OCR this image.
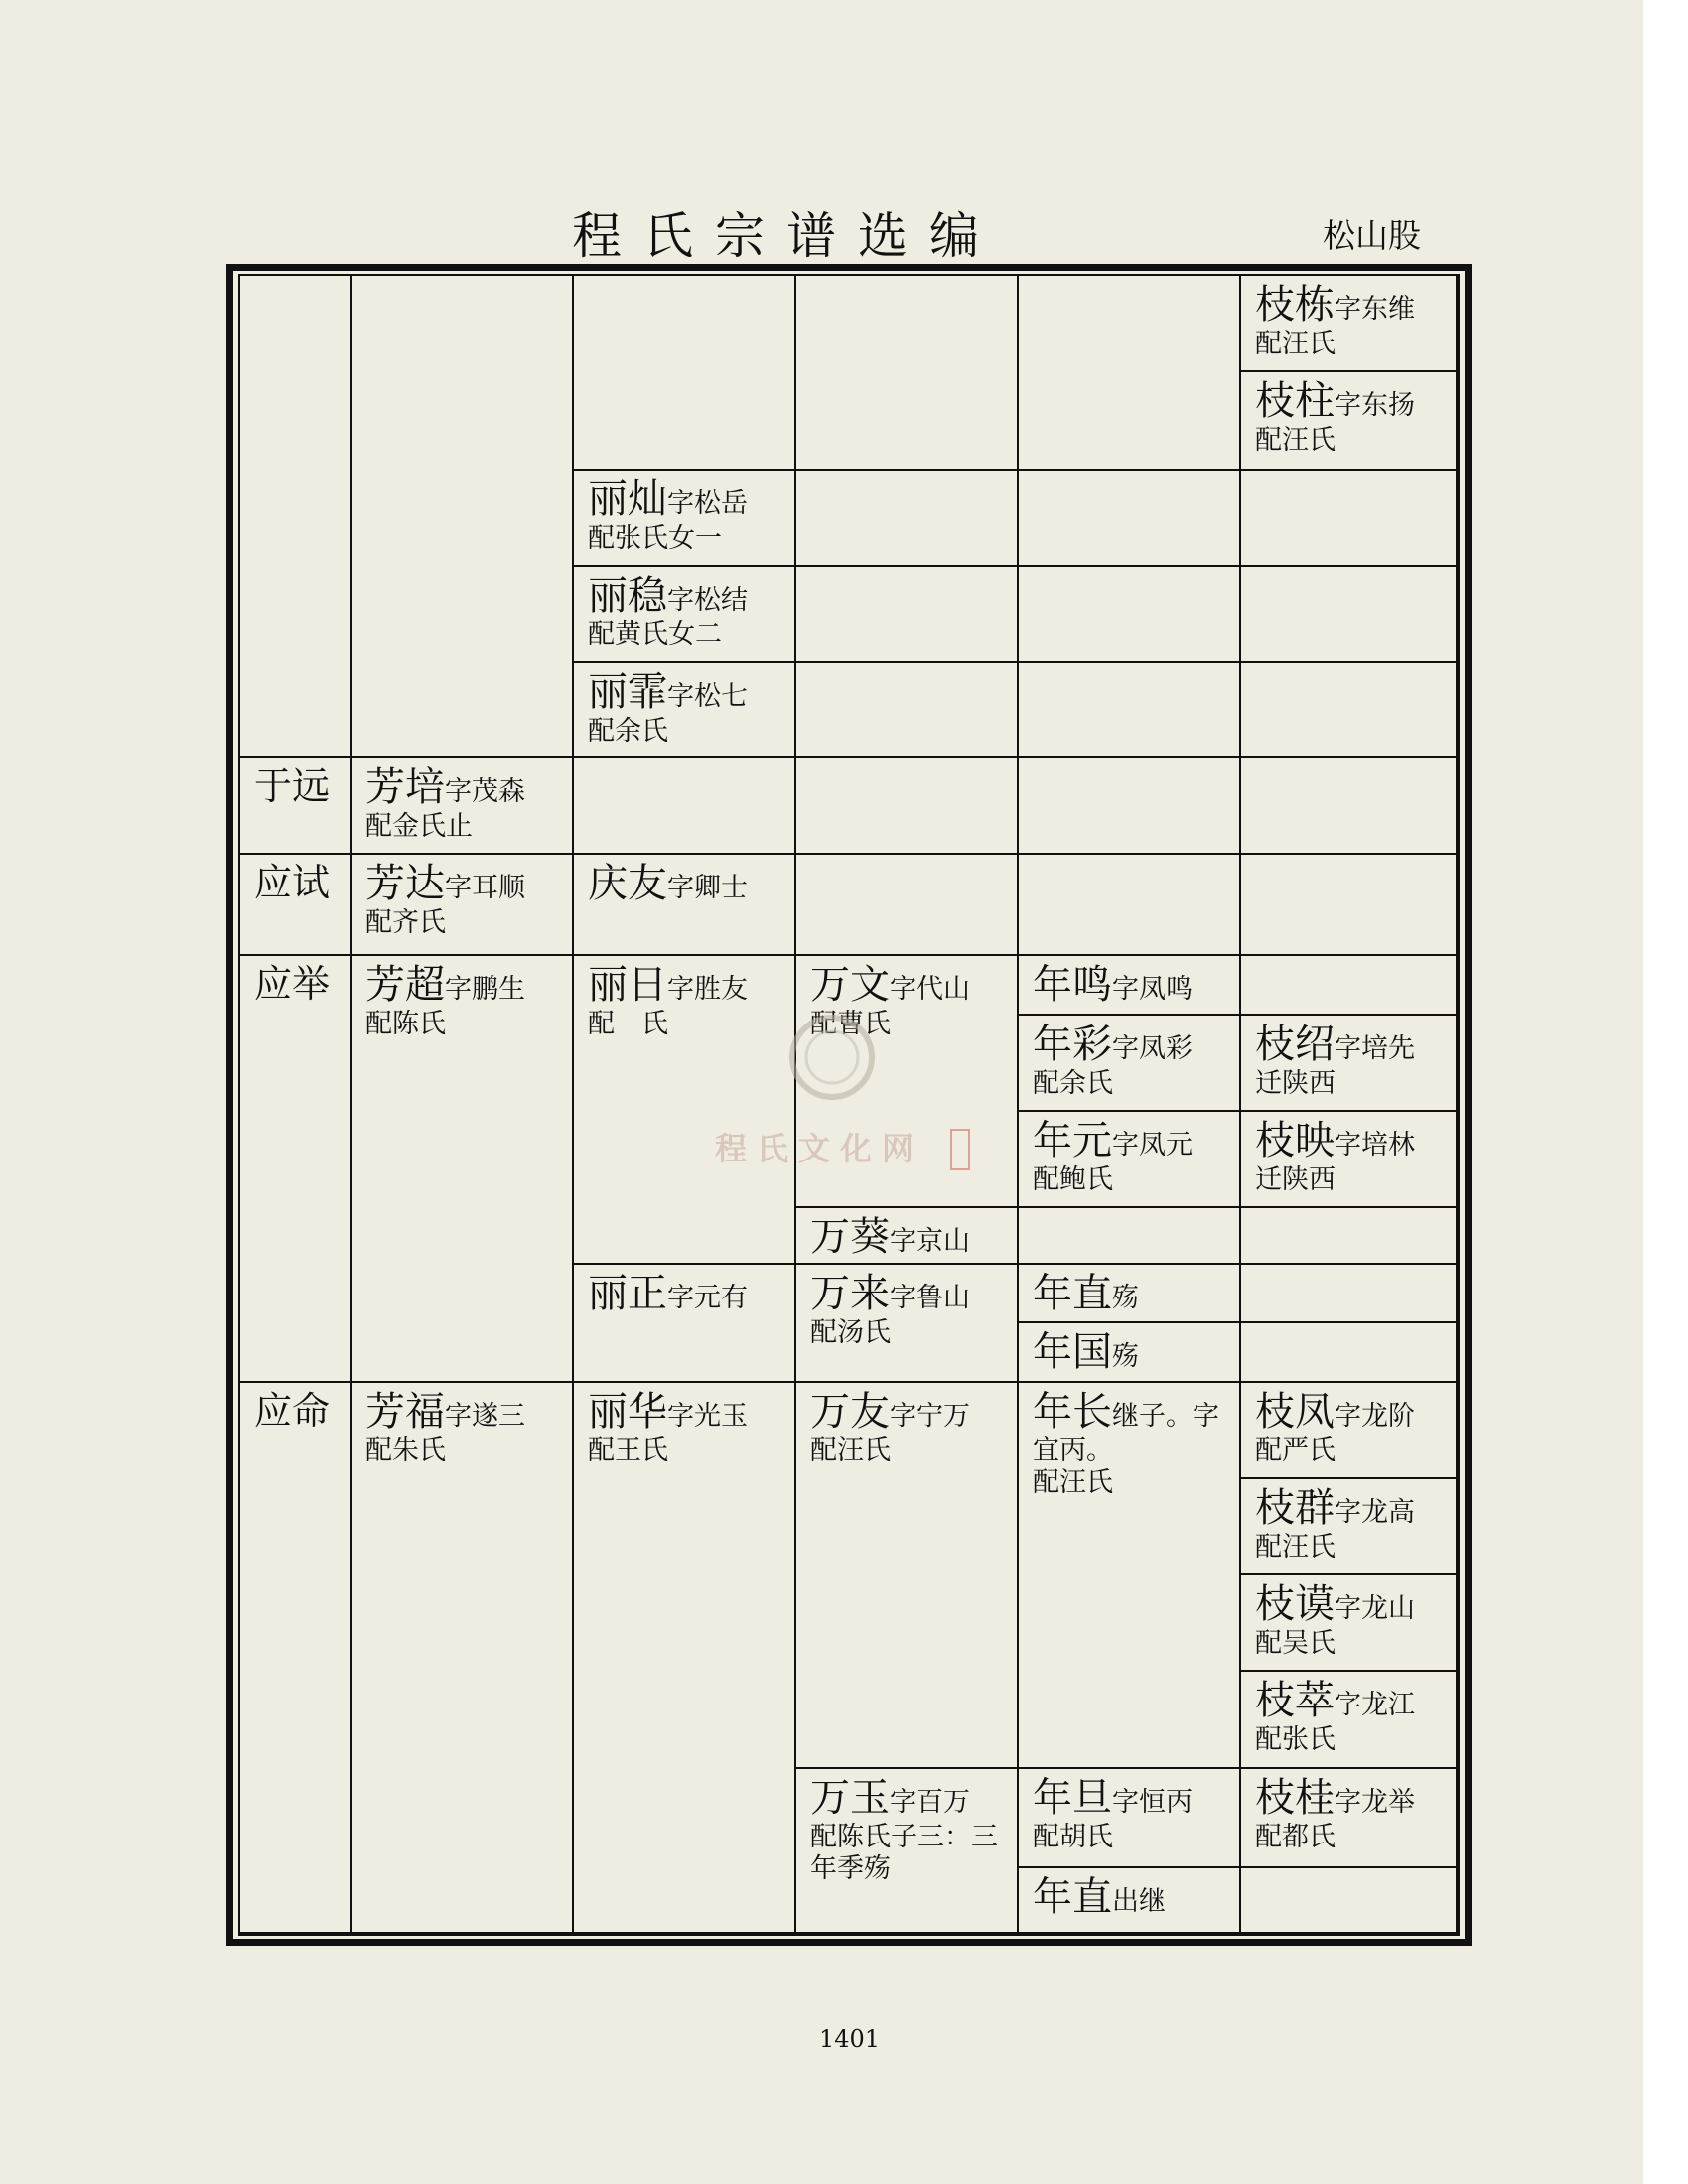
程氏宗谱选编	松山股
于远
应试
应举
应命
芳培字茂森
配金氏止
芳达字耳顺
配齐氏
芳超字鹏生
配陈氏
芳福字遂三
配朱氏
丽灿字松岳
配张氏女一
丽稳字松结
配黄氏女二
丽霏字松七
配余氏
庆友字卿士
丽日字胜友
配　氏
丽正字元有
丽华字光玉
配王氏
万文字代山
配曹氏
万葵字京山
万来字鲁山
配汤氏
万友字宁万
配汪氏
万玉字百万
配陈氏子三：三年季殇
年鸣字凤鸣
年彩字凤彩
配余氏
年元字凤元
配鲍氏
年直殇
年国殇
年长继子。字宜丙。
配汪氏
年旦字恒丙
配胡氏
年直出继
枝栋字东维
配汪氏
枝柱字东扬
配汪氏
枝绍字培先
迁陕西
枝映字培林
迁陕西
枝凤字龙阶
配严氏
枝群字龙高
配汪氏
枝谟字龙山
配吴氏
枝萃字龙江
配张氏
枝桂字龙举
配都氏
程氏文化网
1401
